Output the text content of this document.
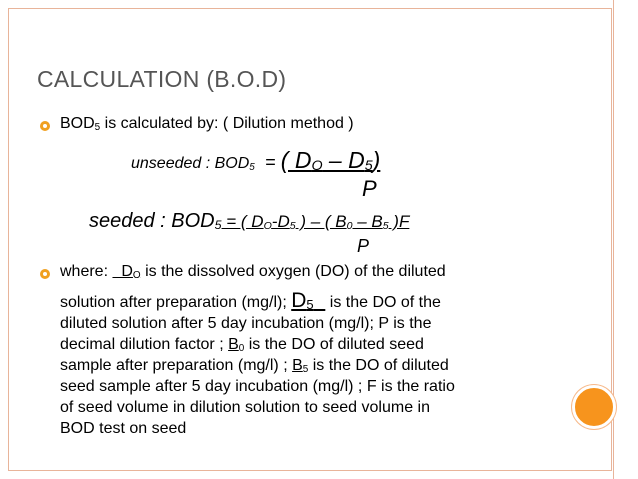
CALCULATION (B.O.D)
$BOD_5$ is calculated by: ( Dilution method )
unseeded : $BOD_5$ = ( $D_O - D_5$)
P
seeded : $BOD_5$ = ( $D_O-D_5$ ) – ( $B_0 - B_5$ )F
P
where:   $D_O$ is the dissolved oxygen (DO) of the diluted
solution after preparation (mg/l); $D_5$   is the DO of the
diluted solution after 5 day incubation (mg/l); P is the
decimal dilution factor ; $B_0$ is the DO of diluted seed
sample after preparation (mg/l) ; $B_5$ is the DO of diluted
seed sample after 5 day incubation (mg/l) ; F is the ratio
of seed volume in dilution solution to seed volume in
BOD test on seed
